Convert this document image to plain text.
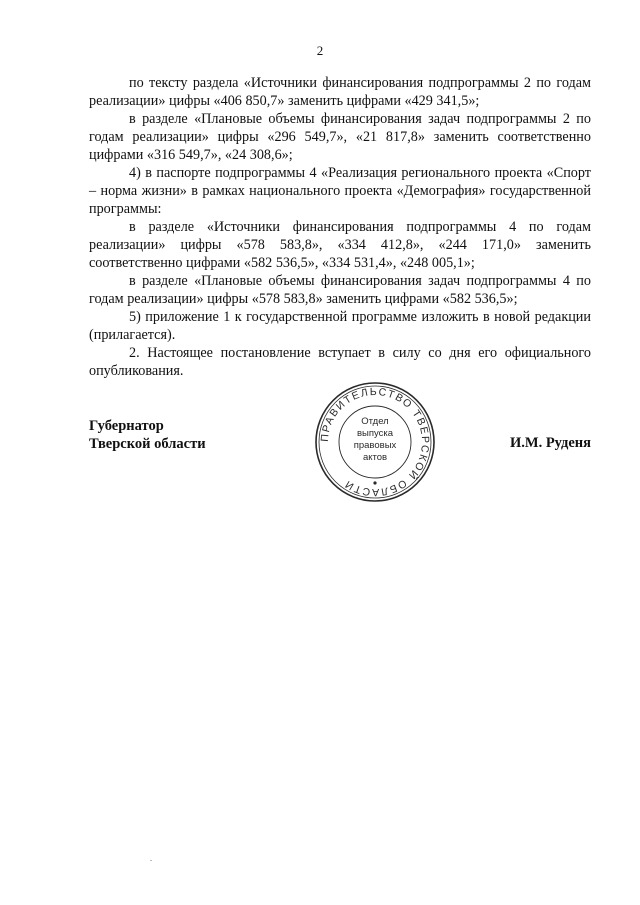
2

по тексту раздела «Источники финансирования подпрограммы 2 по годам реализации» цифры «406 850,7» заменить цифрами «429 341,5»;

в разделе «Плановые объемы финансирования задач подпрограммы 2 по годам реализации» цифры «296 549,7», «21 817,8» заменить соответственно цифрами «316 549,7», «24 308,6»;

4) в паспорте подпрограммы 4 «Реализация регионального проекта «Спорт – норма жизни» в рамках национального проекта «Демография» государственной программы:

в разделе «Источники финансирования подпрограммы 4 по годам реализации» цифры «578 583,8», «334 412,8», «244 171,0» заменить соответственно цифрами «582 536,5», «334 531,4», «248 005,1»;

в разделе «Плановые объемы финансирования задач подпрограммы 4 по годам реализации» цифры «578 583,8» заменить цифрами «582 536,5»;

5) приложение 1 к государственной программе изложить в новой редакции (прилагается).

2. Настоящее постановление вступает в силу со дня его официального опубликования.

Губернатор
Тверской области	И.М. Руденя
ПРАВИТЕЛЬСТВО ТВЕРСКОЙ ОБЛАСТИ
Отдел
выпуска
правовых
актов
